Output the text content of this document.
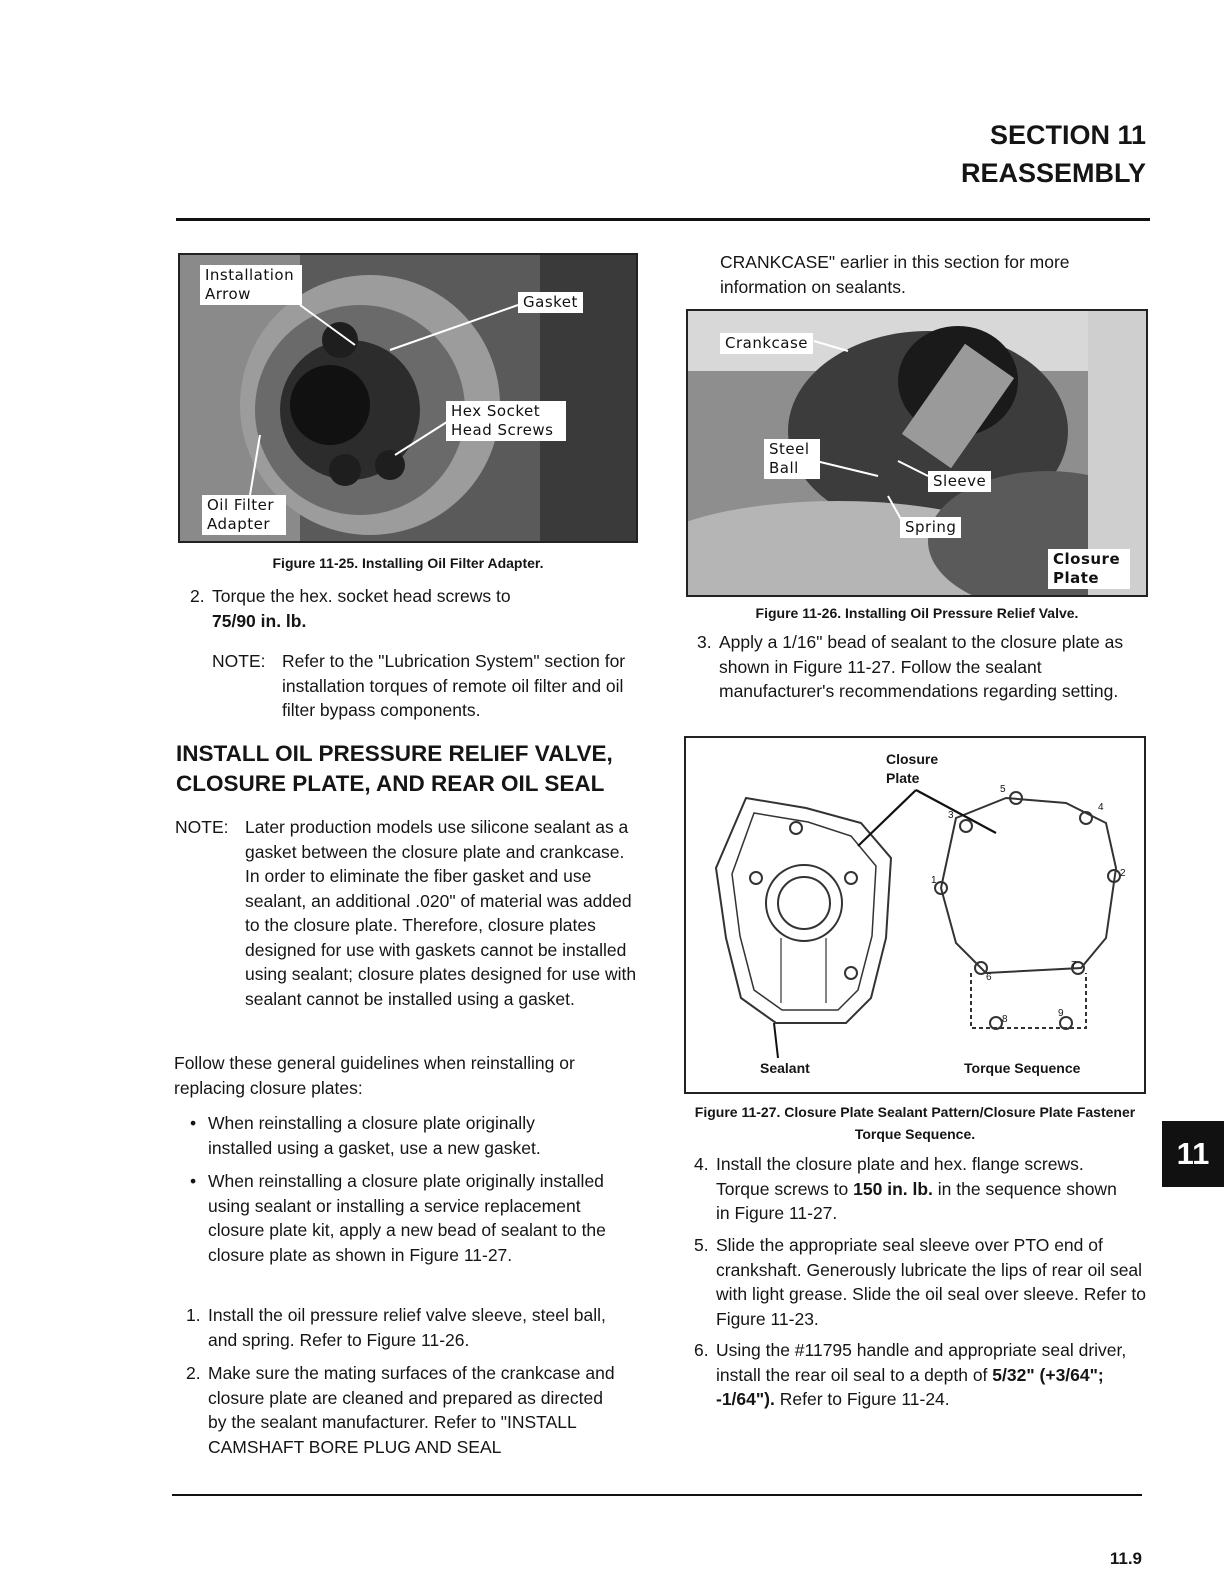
SECTION 11
REASSEMBLY
Installation Arrow	Gasket
Hex Socket Head Screws
Oil Filter Adapter
Figure 11-25. Installing Oil Filter Adapter.
2. Torque the hex. socket head screws to
75/90 in. lb.
NOTE: Refer to the "Lubrication System" section for installation torques of remote oil filter and oil filter bypass components.
INSTALL OIL PRESSURE RELIEF VALVE, CLOSURE PLATE, AND REAR OIL SEAL
NOTE: Later production models use silicone sealant as a gasket between the closure plate and crankcase. In order to eliminate the fiber gasket and use sealant, an additional .020" of material was added to the closure plate. Therefore, closure plates designed for use with gaskets cannot be installed using sealant; closure plates designed for use with sealant cannot be installed using a gasket.
Follow these general guidelines when reinstalling or replacing closure plates:
• When reinstalling a closure plate originally installed using a gasket, use a new gasket.
• When reinstalling a closure plate originally installed using sealant or installing a service replacement closure plate kit, apply a new bead of sealant to the closure plate as shown in Figure 11-27.
1. Install the oil pressure relief valve sleeve, steel ball, and spring. Refer to Figure 11-26.
2. Make sure the mating surfaces of the crankcase and closure plate are cleaned and prepared as directed by the sealant manufacturer. Refer to "INSTALL CAMSHAFT BORE PLUG AND SEAL
CRANKCASE" earlier in this section for more information on sealants.
Crankcase
Steel Ball
Sleeve
Spring
Closure Plate
Figure 11-26. Installing Oil Pressure Relief Valve.
3. Apply a 1/16" bead of sealant to the closure plate as shown in Figure 11-27. Follow the sealant manufacturer's recommendations regarding setting.
1
2
3
4
5
6
7
8
9
Closure Plate
Sealant	Torque Sequence
Figure 11-27. Closure Plate Sealant Pattern/Closure Plate Fastener Torque Sequence.
4. Install the closure plate and hex. flange screws. Torque screws to 150 in. lb. in the sequence shown in Figure 11-27.
5. Slide the appropriate seal sleeve over PTO end of crankshaft. Generously lubricate the lips of rear oil seal with light grease. Slide the oil seal over sleeve. Refer to Figure 11-23.
6. Using the #11795 handle and appropriate seal driver, install the rear oil seal to a depth of 5/32" (+3/64"; -1/64"). Refer to Figure 11-24.
11
11.9
